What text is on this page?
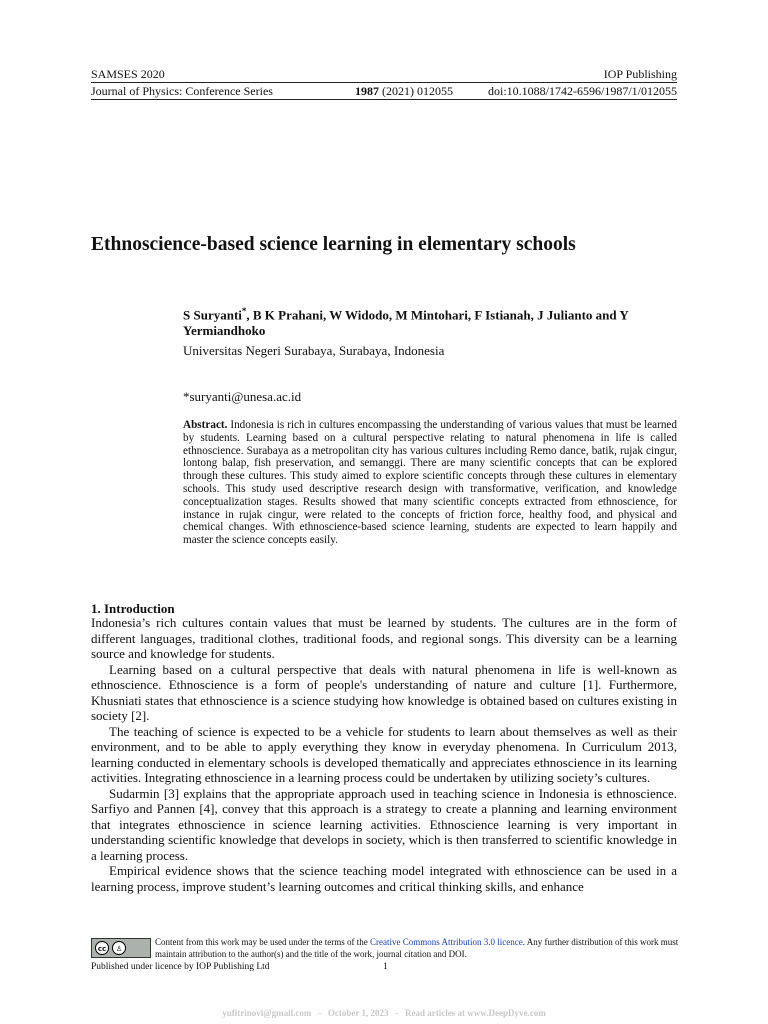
SAMSES 2020	IOP Publishing
Journal of Physics: Conference Series	1987 (2021) 012055	doi:10.1088/1742-6596/1987/1/012055
Ethnoscience-based science learning in elementary schools
S Suryanti*, B K Prahani, W Widodo, M Mintohari, F Istianah, J Julianto and Y Yermiandhoko
Universitas Negeri Surabaya, Surabaya, Indonesia
*suryanti@unesa.ac.id
Abstract. Indonesia is rich in cultures encompassing the understanding of various values that must be learned by students. Learning based on a cultural perspective relating to natural phenomena in life is called ethnoscience. Surabaya as a metropolitan city has various cultures including Remo dance, batik, rujak cingur, lontong balap, fish preservation, and semanggi. There are many scientific concepts that can be explored through these cultures. This study aimed to explore scientific concepts through these cultures in elementary schools. This study used descriptive research design with transformative, verification, and knowledge conceptualization stages. Results showed that many scientific concepts extracted from ethnoscience, for instance in rujak cingur, were related to the concepts of friction force, healthy food, and physical and chemical changes. With ethnoscience-based science learning, students are expected to learn happily and master the science concepts easily.
1. Introduction

Indonesia’s rich cultures contain values that must be learned by students. The cultures are in the form of different languages, traditional clothes, traditional foods, and regional songs. This diversity can be a learning source and knowledge for students.

Learning based on a cultural perspective that deals with natural phenomena in life is well-known as ethnoscience. Ethnoscience is a form of people's understanding of nature and culture [1]. Furthermore, Khusniati states that ethnoscience is a science studying how knowledge is obtained based on cultures existing in society [2].

The teaching of science is expected to be a vehicle for students to learn about themselves as well as their environment, and to be able to apply everything they know in everyday phenomena. In Curriculum 2013, learning conducted in elementary schools is developed thematically and appreciates ethnoscience in its learning activities. Integrating ethnoscience in a learning process could be undertaken by utilizing society’s cultures.

Sudarmin [3] explains that the appropriate approach used in teaching science in Indonesia is ethnoscience. Sarfiyo and Pannen [4], convey that this approach is a strategy to create a planning and learning environment that integrates ethnoscience in science learning activities. Ethnoscience learning is very important in understanding scientific knowledge that develops in society, which is then transferred to scientific knowledge in a learning process.

Empirical evidence shows that the science teaching model integrated with ethnoscience can be used in a learning process, improve student’s learning outcomes and critical thinking skills, and enhance

cc	♙
Content from this work may be used under the terms of the Creative Commons Attribution 3.0 licence. Any further distribution of this work must maintain attribution to the author(s) and the title of the work, journal citation and DOI.
Published under licence by IOP Publishing Ltd	1
yufitrinovi@gmail.com   -   October 1, 2023   -   Read articles at www.DeepDyve.com
